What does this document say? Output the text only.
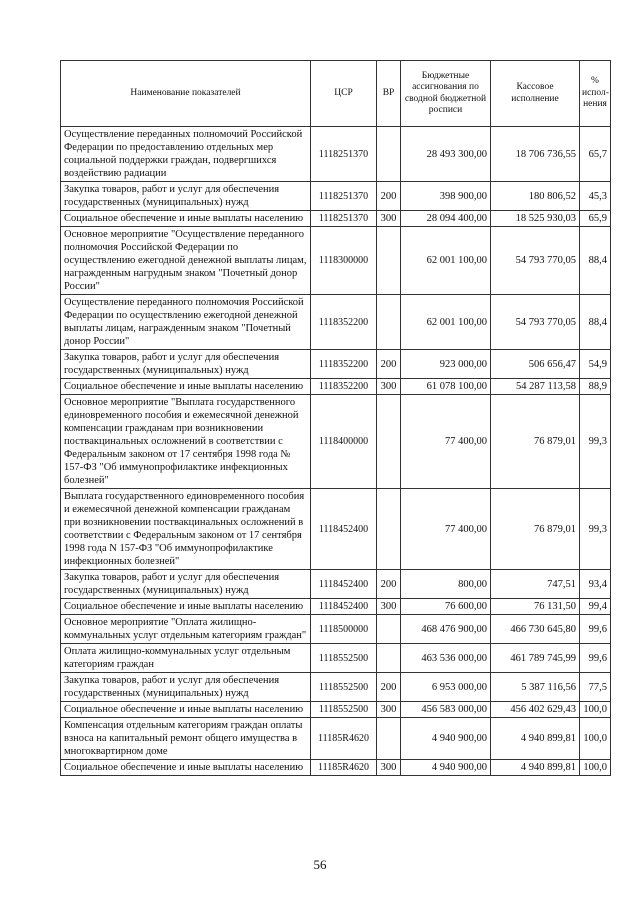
Наименование показателей	ЦСР	ВР	Бюджетные ассигнования по сводной бюджетной росписи	Кассовое исполнение	% испол-нения
Осуществление переданных полномочий Российской Федерации по предоставлению отдельных мер социальной поддержки граждан, подвергшихся воздействию радиации	1118251370		28 493 300,00	18 706 736,55	65,7
Закупка товаров, работ и услуг для обеспечения государственных (муниципальных) нужд	1118251370	200	398 900,00	180 806,52	45,3
Социальное обеспечение и иные выплаты населению	1118251370	300	28 094 400,00	18 525 930,03	65,9
Основное мероприятие "Осуществление переданного полномочия Российской Федерации по осуществлению ежегодной денежной выплаты лицам, награжденным нагрудным знаком "Почетный донор России"	1118300000		62 001 100,00	54 793 770,05	88,4
Осуществление переданного полномочия Российской Федерации по осуществлению ежегодной денежной выплаты лицам, награжденным знаком "Почетный донор России"	1118352200		62 001 100,00	54 793 770,05	88,4
Закупка товаров, работ и услуг для обеспечения государственных (муниципальных) нужд	1118352200	200	923 000,00	506 656,47	54,9
Социальное обеспечение и иные выплаты населению	1118352200	300	61 078 100,00	54 287 113,58	88,9
Основное мероприятие "Выплата государственного единовременного пособия и ежемесячной денежной компенсации гражданам при возникновении поствакцинальных осложнений в соответствии с Федеральным законом от 17 сентября 1998 года № 157-ФЗ "Об иммунопрофилактике инфекционных болезней"	1118400000		77 400,00	76 879,01	99,3
Выплата государственного единовременного пособия и ежемесячной денежной компенсации гражданам при возникновении поствакцинальных осложнений в соответствии с Федеральным законом от 17 сентября 1998 года N 157-ФЗ "Об иммунопрофилактике инфекционных болезней"	1118452400		77 400,00	76 879,01	99,3
Закупка товаров, работ и услуг для обеспечения государственных (муниципальных) нужд	1118452400	200	800,00	747,51	93,4
Социальное обеспечение и иные выплаты населению	1118452400	300	76 600,00	76 131,50	99,4
Основное мероприятие "Оплата жилищно-коммунальных услуг отдельным категориям граждан"	1118500000		468 476 900,00	466 730 645,80	99,6
Оплата жилищно-коммунальных услуг отдельным категориям граждан	1118552500		463 536 000,00	461 789 745,99	99,6
Закупка товаров, работ и услуг для обеспечения государственных (муниципальных) нужд	1118552500	200	6 953 000,00	5 387 116,56	77,5
Социальное обеспечение и иные выплаты населению	1118552500	300	456 583 000,00	456 402 629,43	100,0
Компенсация отдельным категориям граждан оплаты взноса на капитальный ремонт общего имущества в многоквартирном доме	11185R4620		4 940 900,00	4 940 899,81	100,0
Социальное обеспечение и иные выплаты населению	11185R4620	300	4 940 900,00	4 940 899,81	100,0
56
